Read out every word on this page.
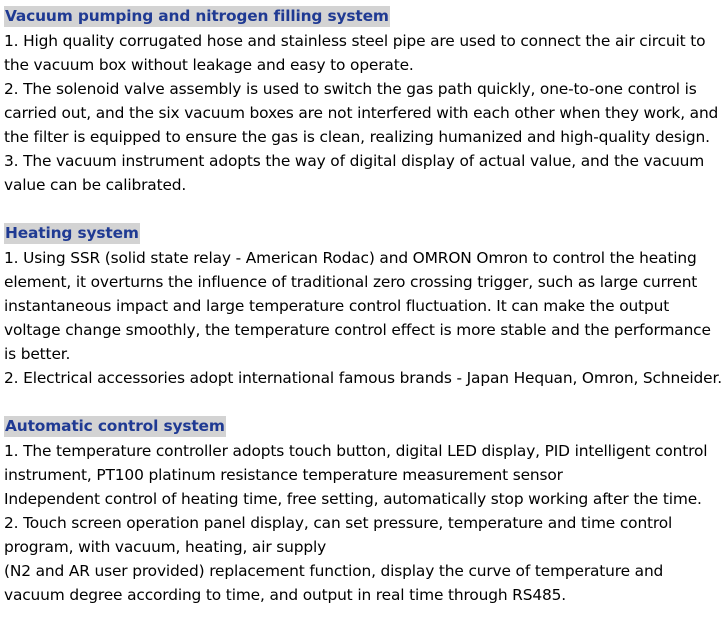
Vacuum pumping and nitrogen filling system

1. High quality corrugated hose and stainless steel pipe are used to connect the air circuit to the vacuum box without leakage and easy to operate.

2. The solenoid valve assembly is used to switch the gas path quickly, one-to-one control is carried out, and the six vacuum boxes are not interfered with each other when they work, and the filter is equipped to ensure the gas is clean, realizing humanized and high-quality design.

3. The vacuum instrument adopts the way of digital display of actual value, and the vacuum value can be calibrated.

Heating system

1. Using SSR (solid state relay - American Rodac) and OMRON Omron to control the heating element, it overturns the influence of traditional zero crossing trigger, such as large current instantaneous impact and large temperature control fluctuation. It can make the output voltage change smoothly, the temperature control effect is more stable and the performance is better.

2. Electrical accessories adopt international famous brands - Japan Hequan, Omron, Schneider.

Automatic control system

1. The temperature controller adopts touch button, digital LED display, PID intelligent control instrument, PT100 platinum resistance temperature measurement sensor

Independent control of heating time, free setting, automatically stop working after the time.

2. Touch screen operation panel display, can set pressure, temperature and time control program, with vacuum, heating, air supply

(N2 and AR user provided) replacement function, display the curve of temperature and vacuum degree according to time, and output in real time through RS485.
